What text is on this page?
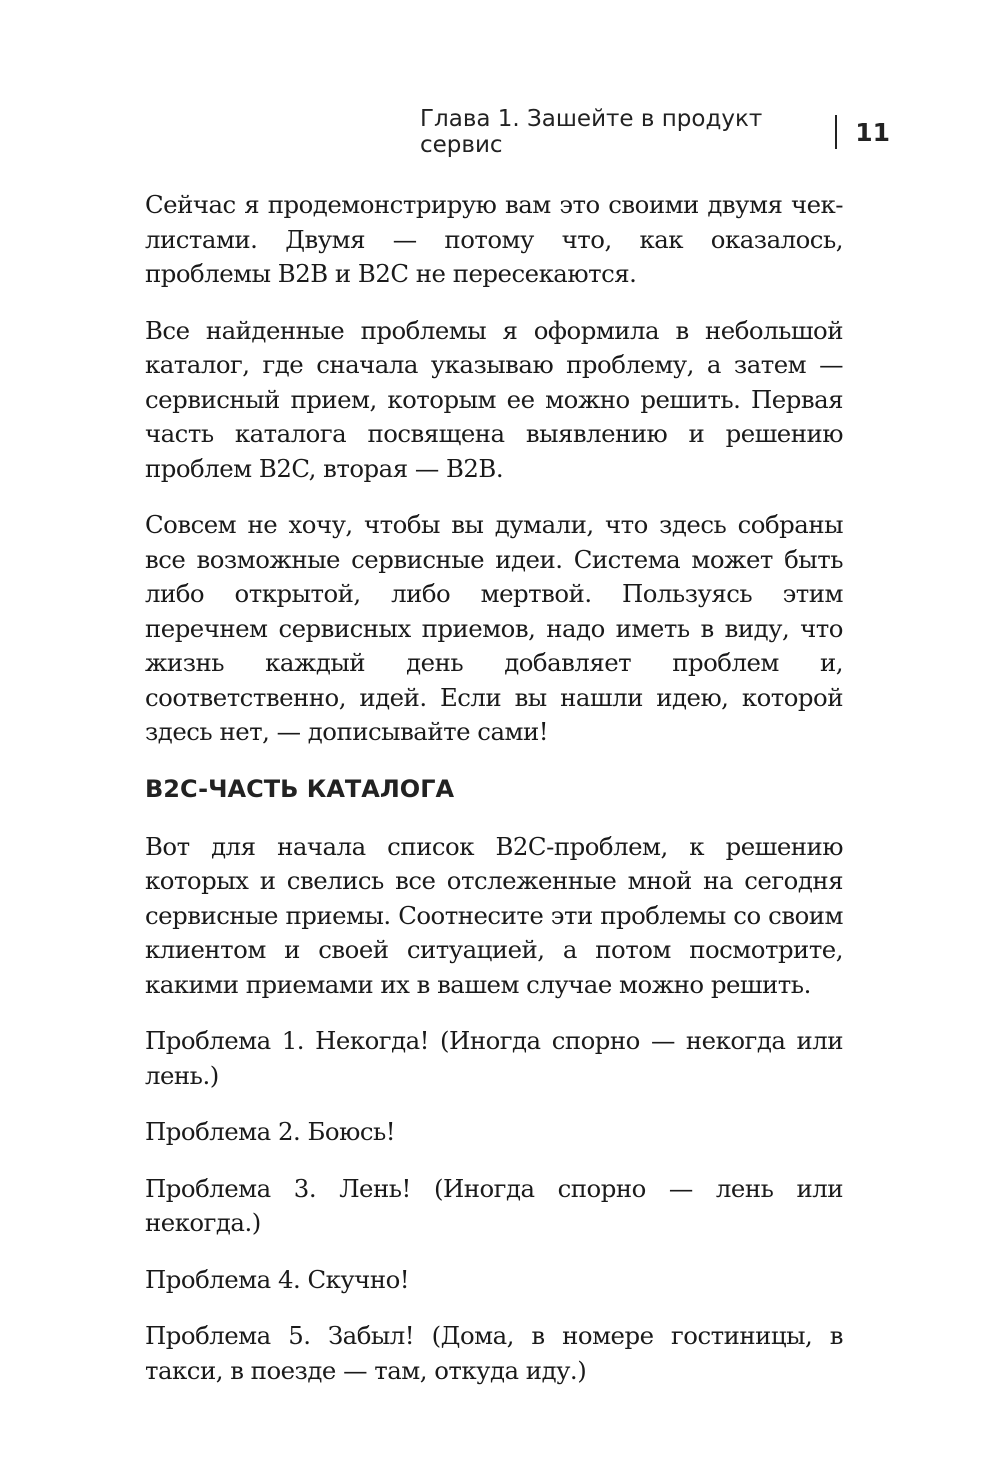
Глава 1. Зашейте в продукт сервис	11

Сейчас я продемонстрирую вам это своими двумя чек-листами. Двумя — потому что, как оказалось, проблемы B2B и B2C не пересекаются.

Все найденные проблемы я оформила в небольшой каталог, где сначала указываю проблему, а затем — сервисный прием, которым ее можно решить. Первая часть каталога посвящена выявлению и решению проблем B2C, вторая — B2B.

Совсем не хочу, чтобы вы думали, что здесь собраны все возможные сервисные идеи. Система может быть либо открытой, либо мертвой. Пользуясь этим перечнем сервисных приемов, надо иметь в виду, что жизнь каждый день добавляет проблем и, соответственно, идей. Если вы нашли идею, которой здесь нет, — дописывайте сами!

B2C-ЧАСТЬ КАТАЛОГА

Вот для начала список B2C-проблем, к решению которых и свелись все отслеженные мной на сегодня сервисные приемы. Соотнесите эти проблемы со своим клиентом и своей ситуацией, а потом посмотрите, какими приемами их в вашем случае можно решить.

Проблема 1. Некогда! (Иногда спорно — некогда или лень.)

Проблема 2. Боюсь!

Проблема 3. Лень! (Иногда спорно — лень или некогда.)

Проблема 4. Скучно!

Проблема 5. Забыл! (Дома, в номере гостиницы, в такси, в поезде — там, откуда иду.)
